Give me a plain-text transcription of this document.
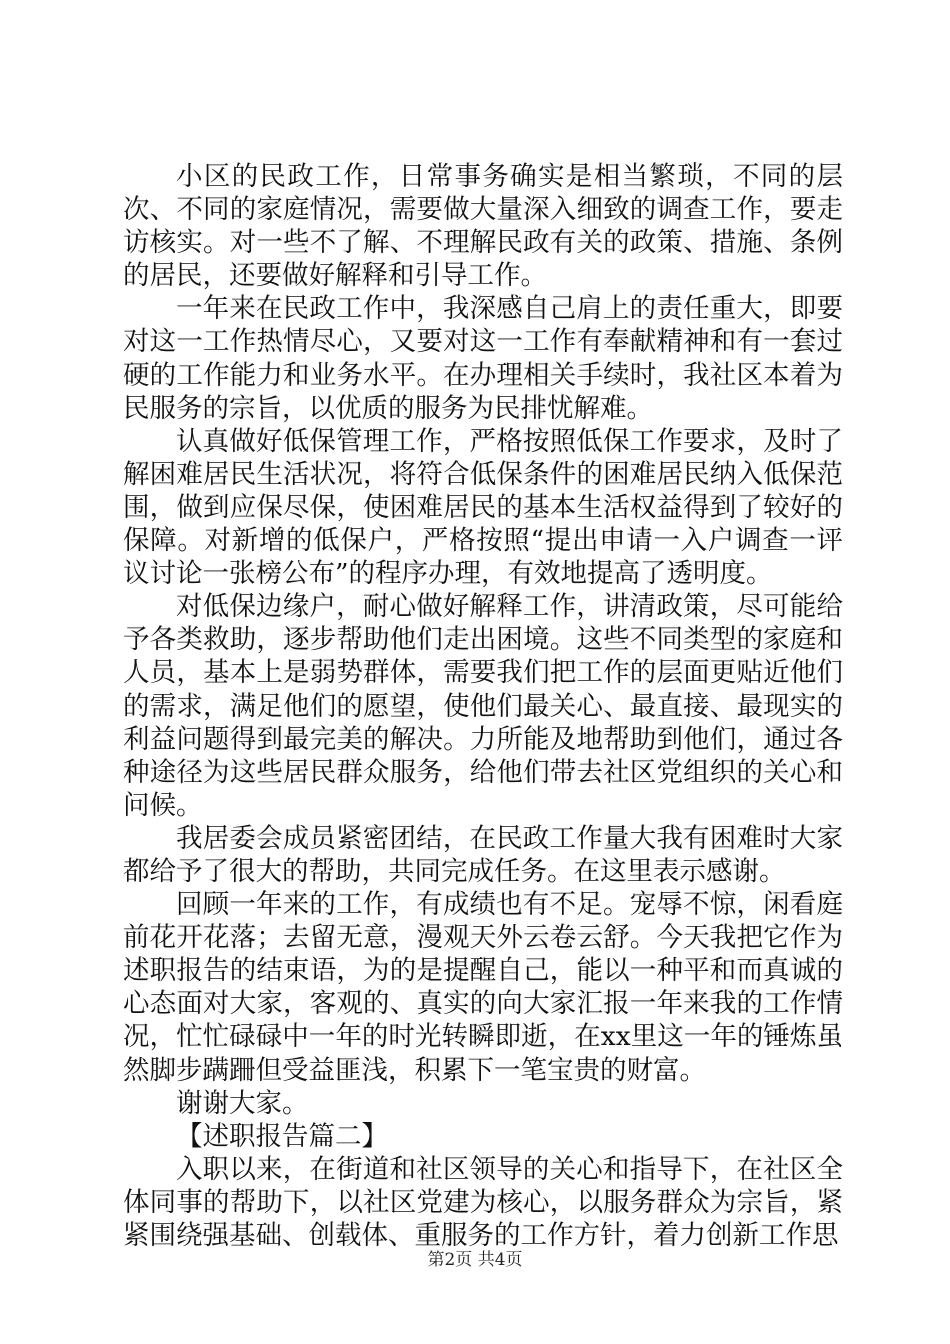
小区的民政工作，日常事务确实是相当繁琐，不同的层次、不同的家庭情况，需要做大量深入细致的调查工作，要走访核实。对一些不了解、不理解民政有关的政策、措施、条例的居民，还要做好解释和引导工作。

一年来在民政工作中，我深感自己肩上的责任重大，即要对这一工作热情尽心，又要对这一工作有奉献精神和有一套过硬的工作能力和业务水平。在办理相关手续时，我社区本着为民服务的宗旨，以优质的服务为民排忧解难。

认真做好低保管理工作，严格按照低保工作要求，及时了解困难居民生活状况，将符合低保条件的困难居民纳入低保范围，做到应保尽保，使困难居民的基本生活权益得到了较好的保障。对新增的低保户，严格按照“提出申请一入户调查一评议讨论一张榜公布”的程序办理，有效地提高了透明度。

对低保边缘户，耐心做好解释工作，讲清政策，尽可能给予各类救助，逐步帮助他们走出困境。这些不同类型的家庭和人员，基本上是弱势群体，需要我们把工作的层面更贴近他们的需求，满足他们的愿望，使他们最关心、最直接、最现实的利益问题得到最完美的解决。力所能及地帮助到他们，通过各种途径为这些居民群众服务，给他们带去社区党组织的关心和问候。

我居委会成员紧密团结，在民政工作量大我有困难时大家都给予了很大的帮助，共同完成任务。在这里表示感谢。

回顾一年来的工作，有成绩也有不足。宠辱不惊，闲看庭前花开花落；去留无意，漫观天外云卷云舒。今天我把它作为述职报告的结束语，为的是提醒自己，能以一种平和而真诚的心态面对大家，客观的、真实的向大家汇报一年来我的工作情况，忙忙碌碌中一年的时光转瞬即逝，在xx里这一年的锤炼虽然脚步蹒跚但受益匪浅，积累下一笔宝贵的财富。

谢谢大家。

【述职报告篇二】

入职以来，在街道和社区领导的关心和指导下，在社区全体同事的帮助下，以社区党建为核心，以服务群众为宗旨，紧紧围绕强基础、创载体、重服务的工作方针，着力创新工作思

第2页 共4页
